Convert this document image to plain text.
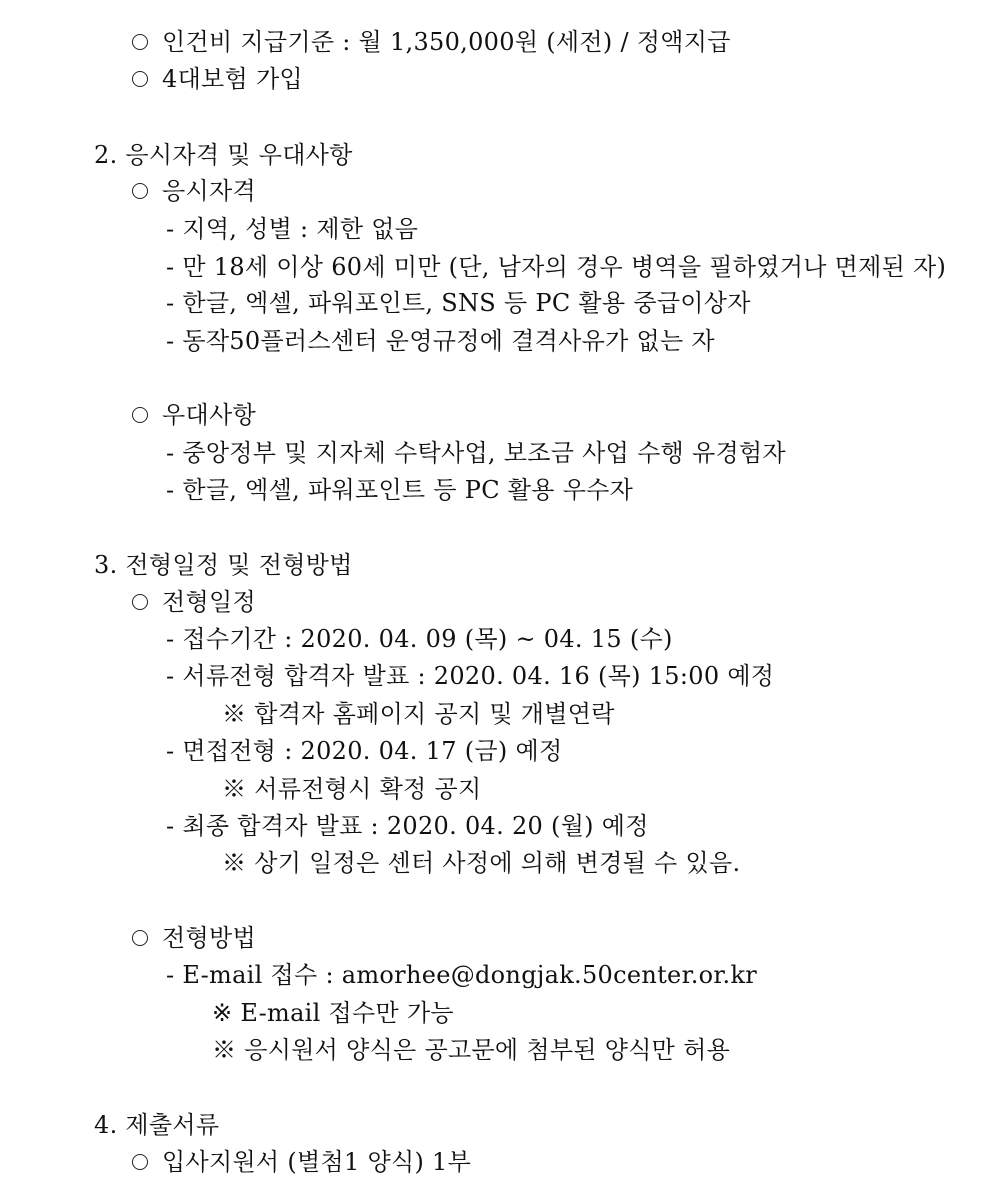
인건비 지급기준 : 월 1,350,000원 (세전) / 정액지급
4대보험 가입
2. 응시자격 및 우대사항
응시자격
- 지역, 성별 : 제한 없음
- 만 18세 이상 60세 미만 (단, 남자의 경우 병역을 필하였거나 면제된 자)
- 한글, 엑셀, 파워포인트, SNS 등 PC 활용 중급이상자
- 동작50플러스센터 운영규정에 결격사유가 없는 자
우대사항
- 중앙정부 및 지자체 수탁사업, 보조금 사업 수행 유경험자
- 한글, 엑셀, 파워포인트 등 PC 활용 우수자
3. 전형일정 및 전형방법
전형일정
- 접수기간 : 2020. 04. 09 (목) ~ 04. 15 (수)
- 서류전형 합격자 발표 : 2020. 04. 16 (목) 15:00 예정
※ 합격자 홈페이지 공지 및 개별연락
- 면접전형 : 2020. 04. 17 (금) 예정
※ 서류전형시 확정 공지
- 최종 합격자 발표 : 2020. 04. 20 (월) 예정
※ 상기 일정은 센터 사정에 의해 변경될 수 있음.
전형방법
- E-mail 접수 : amorhee@dongjak.50center.or.kr
※ E-mail 접수만 가능
※ 응시원서 양식은 공고문에 첨부된 양식만 허용
4. 제출서류
입사지원서 (별첨1 양식) 1부
